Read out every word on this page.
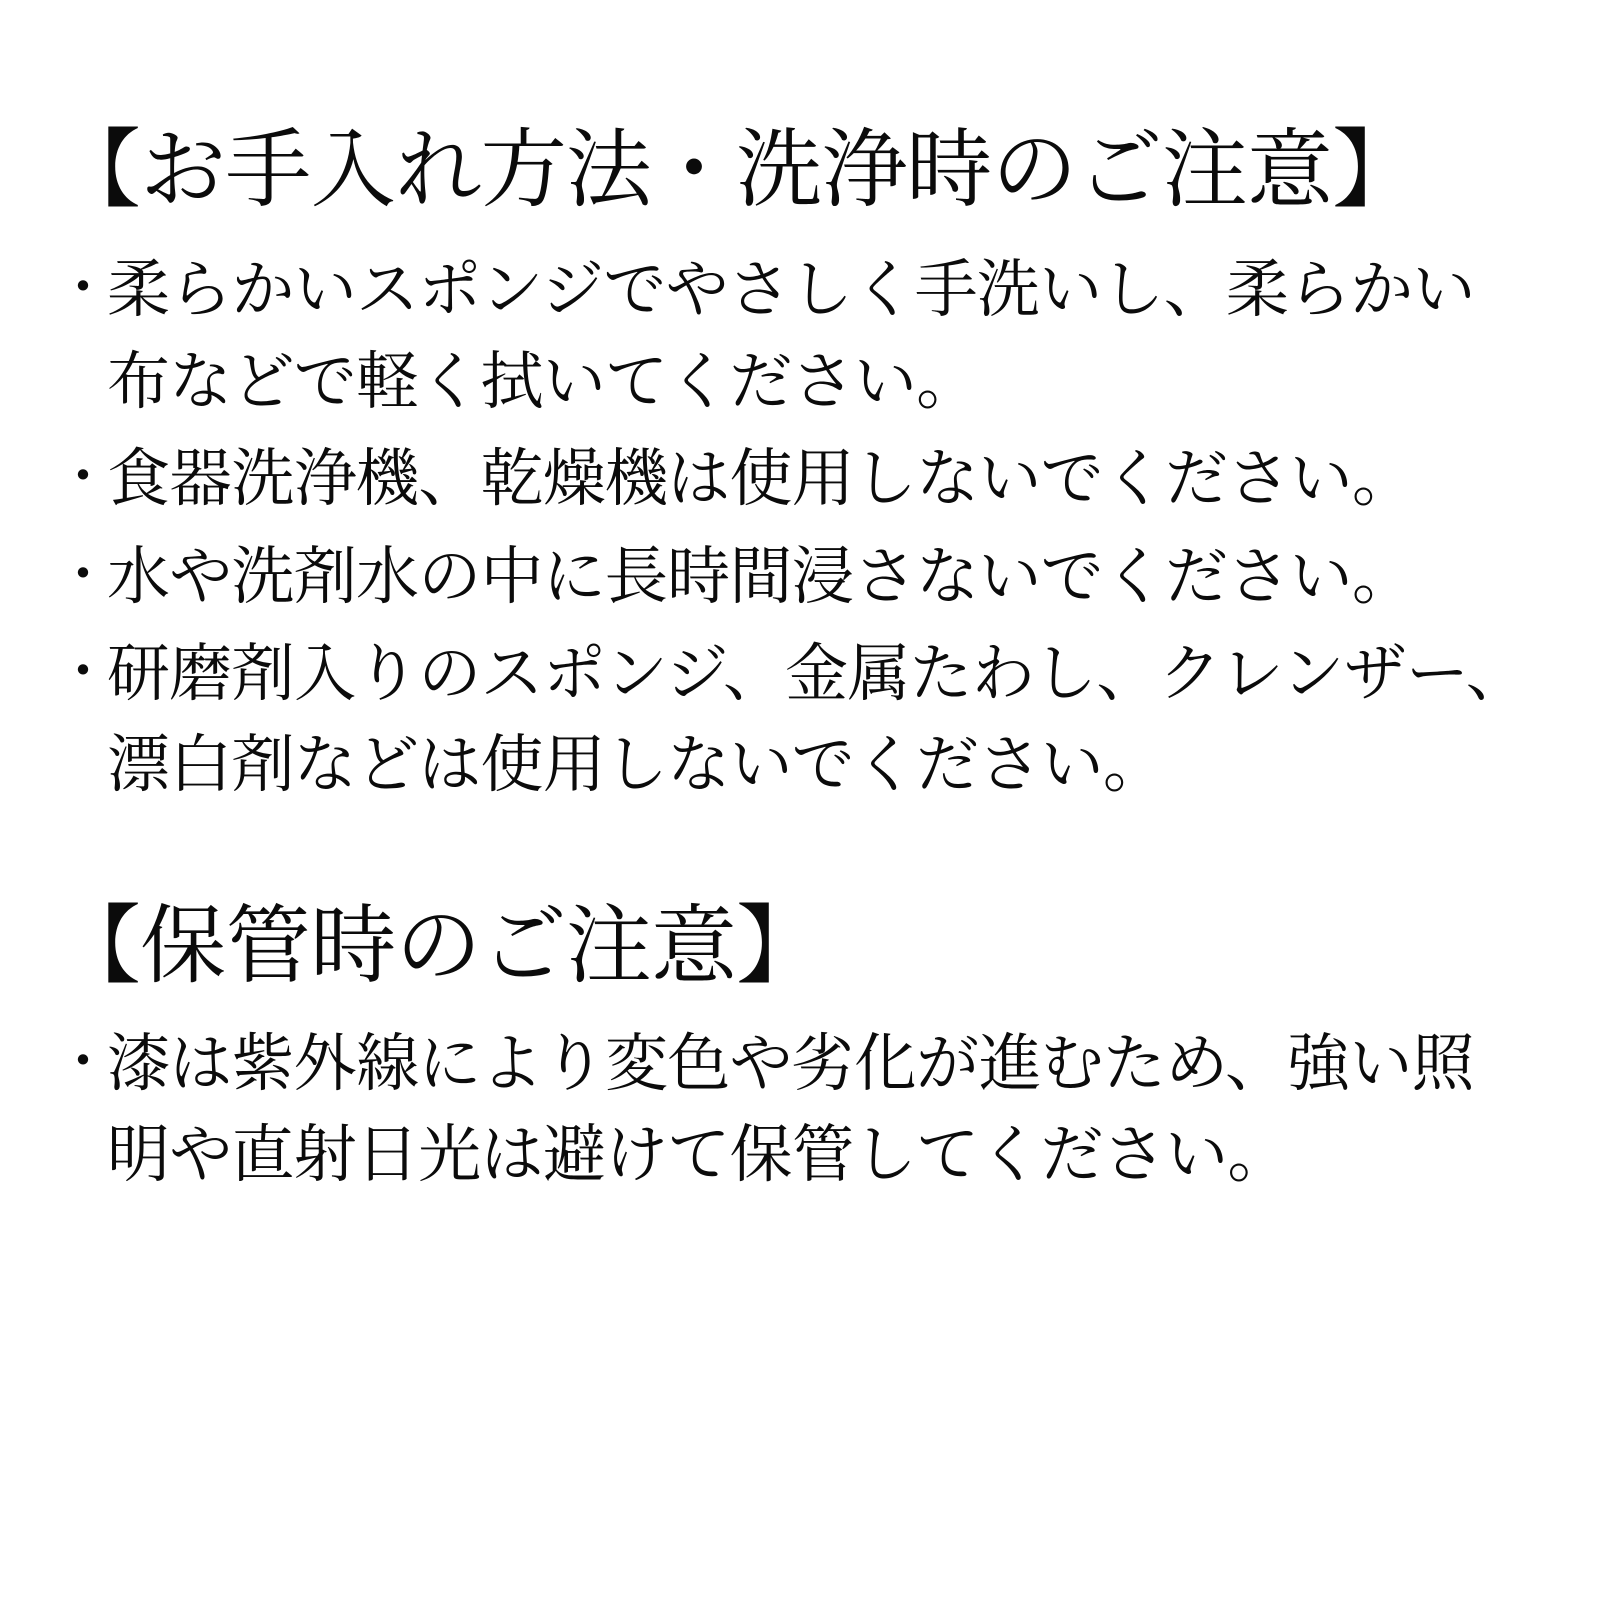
【お手入れ方法・洗浄時のご注意】
・
柔らかいスポンジでやさしく手洗いし、柔らかい布などで軽く拭いてください。
・
食器洗浄機、乾燥機は使用しないでください。
・
水や洗剤水の中に長時間浸さないでください。
・
研磨剤入りのスポンジ、金属たわし、クレンザー、漂白剤などは使用しないでください。
【保管時のご注意】
・
漆は紫外線により変色や劣化が進むため、強い照明や直射日光は避けて保管してください。
